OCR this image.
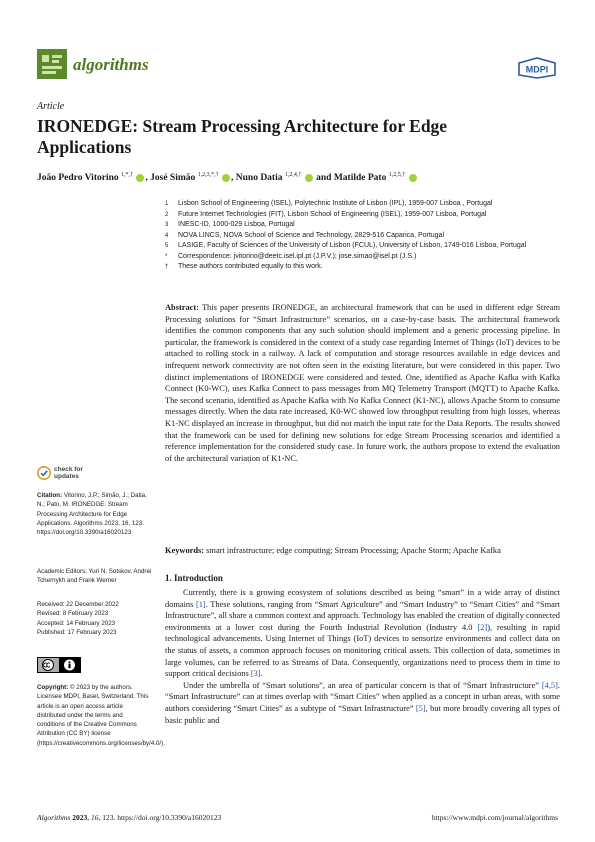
algorithms	MDPI
Article
IRONEDGE: Stream Processing Architecture for Edge Applications
João Pedro Vitorino $^{1,*,\dagger}$ , José Simão $^{1,2,3,*,\dagger}$ , Nuno Datia $^{1,2,4,\dagger}$ and Matilde Pato $^{1,2,5,\dagger}$
1	Lisbon School of Engineering (ISEL), Polytechnic Institute of Lisbon (IPL), 1959-007 Lisboa , Portugal
2	Future Internet Technologies (FIT), Lisbon School of Engineering (ISEL), 1959-007 Lisboa, Portugal
3	INESC-ID, 1000-029 Lisboa, Portugal
4	NOVA LINCS, NOVA School of Science and Technology, 2829-516 Caparica, Portugal
5	LASIGE, Faculty of Sciences of the University of Lisbon (FCUL), University of Lisbon, 1749-016 Lisboa, Portugal
*	Correspondence: jvitorino@deetc.isel.ipl.pt (J.P.V.); jose.simao@isel.pt (J.S.)
†	These authors contributed equally to this work.
Abstract: This paper presents IRONEDGE, an architectural framework that can be used in different edge Stream Processing solutions for “Smart Infrastructure” scenarios, on a case-by-case basis. The architectural framework identifies the common components that any such solution should implement and a generic processing pipeline. In particular, the framework is considered in the context of a study case regarding Internet of Things (IoT) devices to be attached to rolling stock in a railway. A lack of computation and storage resources available in edge devices and infrequent network connectivity are not often seen in the existing literature, but were considered in this paper. Two distinct implementations of IRONEDGE were considered and tested. One, identified as Apache Kafka with Kafka Connect (K0-WC), uses Kafka Connect to pass messages from MQ Telemetry Transport (MQTT) to Apache Kafka. The second scenario, identified as Apache Kafka with No Kafka Connect (K1-NC), allows Apache Storm to consume messages directly. When the data rate increased, K0-WC showed low throughput resulting from high losses, whereas K1-NC displayed an increase in throughput, but did not match the input rate for the Data Reports. The results showed that the framework can be used for defining new solutions for edge Stream Processing scenarios and identified a reference implementation for the considered study case. In future work, the authors propose to extend the evaluation of the architectural variation of K1-NC.
Keywords: smart infrastructure; edge computing; Stream Processing; Apache Storm; Apache Kafka
1. Introduction

Currently, there is a growing ecosystem of solutions described as being “smart” in a wide array of distinct domains [1]. These solutions, ranging from “Smart Agriculture” and “Smart Industry” to “Smart Cities” and “Smart Infrastructure”, all share a common context and approach. Technology has enabled the creation of digitally connected environments at a lower cost during the Fourth Industrial Revolution (Industry 4.0 [2]), resulting in rapid technological advancements. Using Internet of Things (IoT) devices to sensorize environments and collect data on the status of assets, a common approach focuses on monitoring critical assets. This collection of data, sometimes in large volumes, can be referred to as Streams of Data. Consequently, organizations need to process them in time to support critical decisions [3].

Under the umbrella of “Smart solutions”, an area of particular concern is that of “Smart Infrastructure” [4,5]. “Smart Infrastructure” can at times overlap with “Smart Cities” when applied as a concept in urban areas, with some authors considering “Smart Cities” as a subtype of “Smart Infrastructure” [5], but more broadly covering all types of basic public and

check for
updates
Citation: Vitorino, J.P.; Simão, J.; Datia, N.; Pato, M. IRONEDGE: Stream Processing Architecture for Edge Applications. Algorithms 2023, 16, 123. https://doi.org/10.3390/a16020123
Academic Editors: Yuri N. Sotskov, Andrei Tchernykh and Frank Werner
Received: 22 December 2022
Revised: 8 February 2023
Accepted: 14 February 2023
Published: 17 February 2023
Copyright: © 2023 by the authors. Licensee MDPI, Basel, Switzerland. This article is an open access article distributed under the terms and conditions of the Creative Commons Attribution (CC BY) license (https://creativecommons.org/licenses/by/4.0/).
Algorithms 2023, 16, 123. https://doi.org/10.3390/a16020123	https://www.mdpi.com/journal/algorithms
